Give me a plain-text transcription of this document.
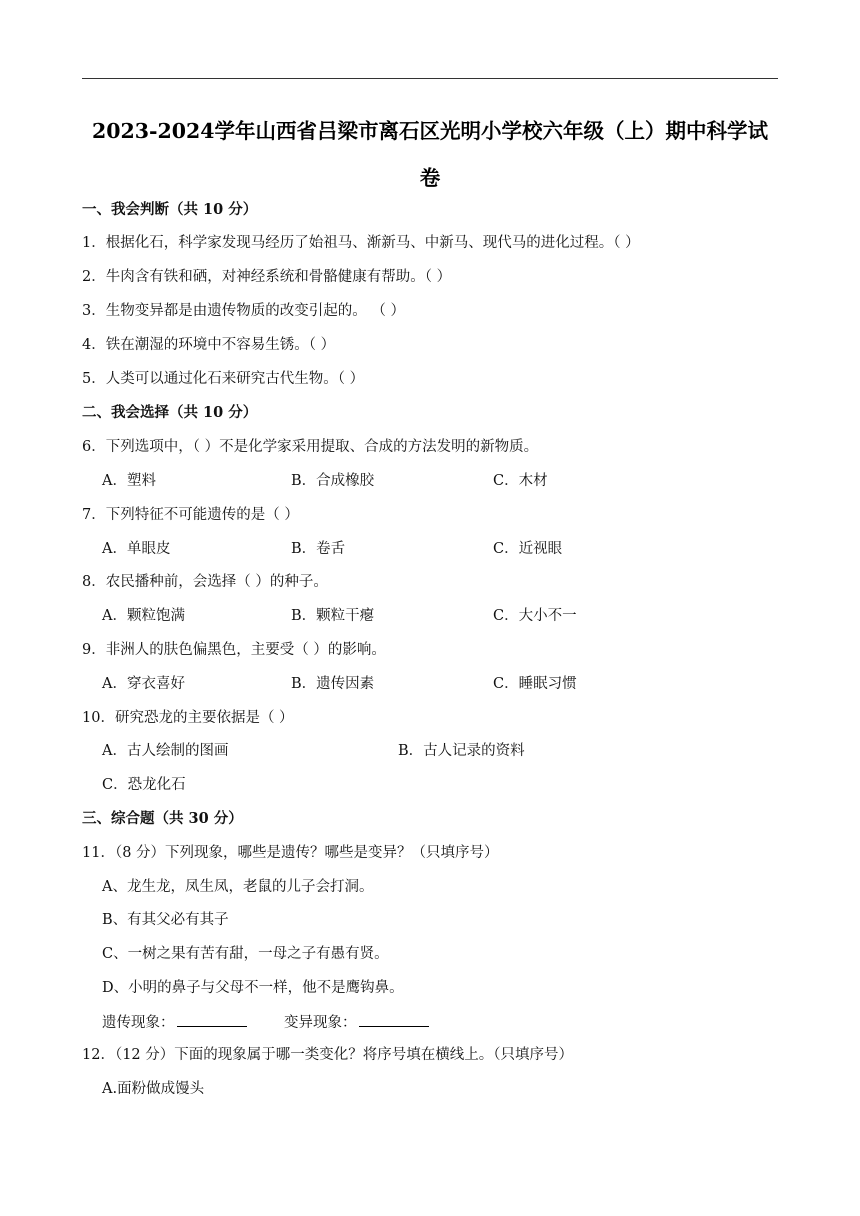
2023-2024学年山西省吕梁市离石区光明小学校六年级（上）期中科学试卷
一、我会判断（共 10 分）
1．根据化石，科学家发现马经历了始祖马、渐新马、中新马、现代马的进化过程。（ ）
2．牛肉含有铁和硒，对神经系统和骨骼健康有帮助。（ ）
3．生物变异都是由遗传物质的改变引起的。 （ ）
4．铁在潮湿的环境中不容易生锈。（ ）
5．人类可以通过化石来研究古代生物。（ ）
二、我会选择（共 10 分）
6．下列选项中，（ ）不是化学家采用提取、合成的方法发明的新物质。
A．塑料	B．合成橡胶	C．木材
7．下列特征不可能遗传的是（ ）
A．单眼皮	B．卷舌	C．近视眼
8．农民播种前，会选择（ ）的种子。
A．颗粒饱满	B．颗粒干瘪	C．大小不一
9．非洲人的肤色偏黑色，主要受（ ）的影响。
A．穿衣喜好	B．遗传因素	C．睡眠习惯
10．研究恐龙的主要依据是（ ）
A．古人绘制的图画	B．古人记录的资料
C．恐龙化石
三、综合题（共 30 分）
11．（8 分）下列现象，哪些是遗传？哪些是变异？（只填序号）
A、龙生龙，凤生凤，老鼠的儿子会打洞。
B、有其父必有其子
C、一树之果有苦有甜，一母之子有愚有贤。
D、小明的鼻子与父母不一样，他不是鹰钩鼻。
遗传现象：	变异现象：
12．（12 分）下面的现象属于哪一类变化？将序号填在横线上。（只填序号）
A.面粉做成馒头
